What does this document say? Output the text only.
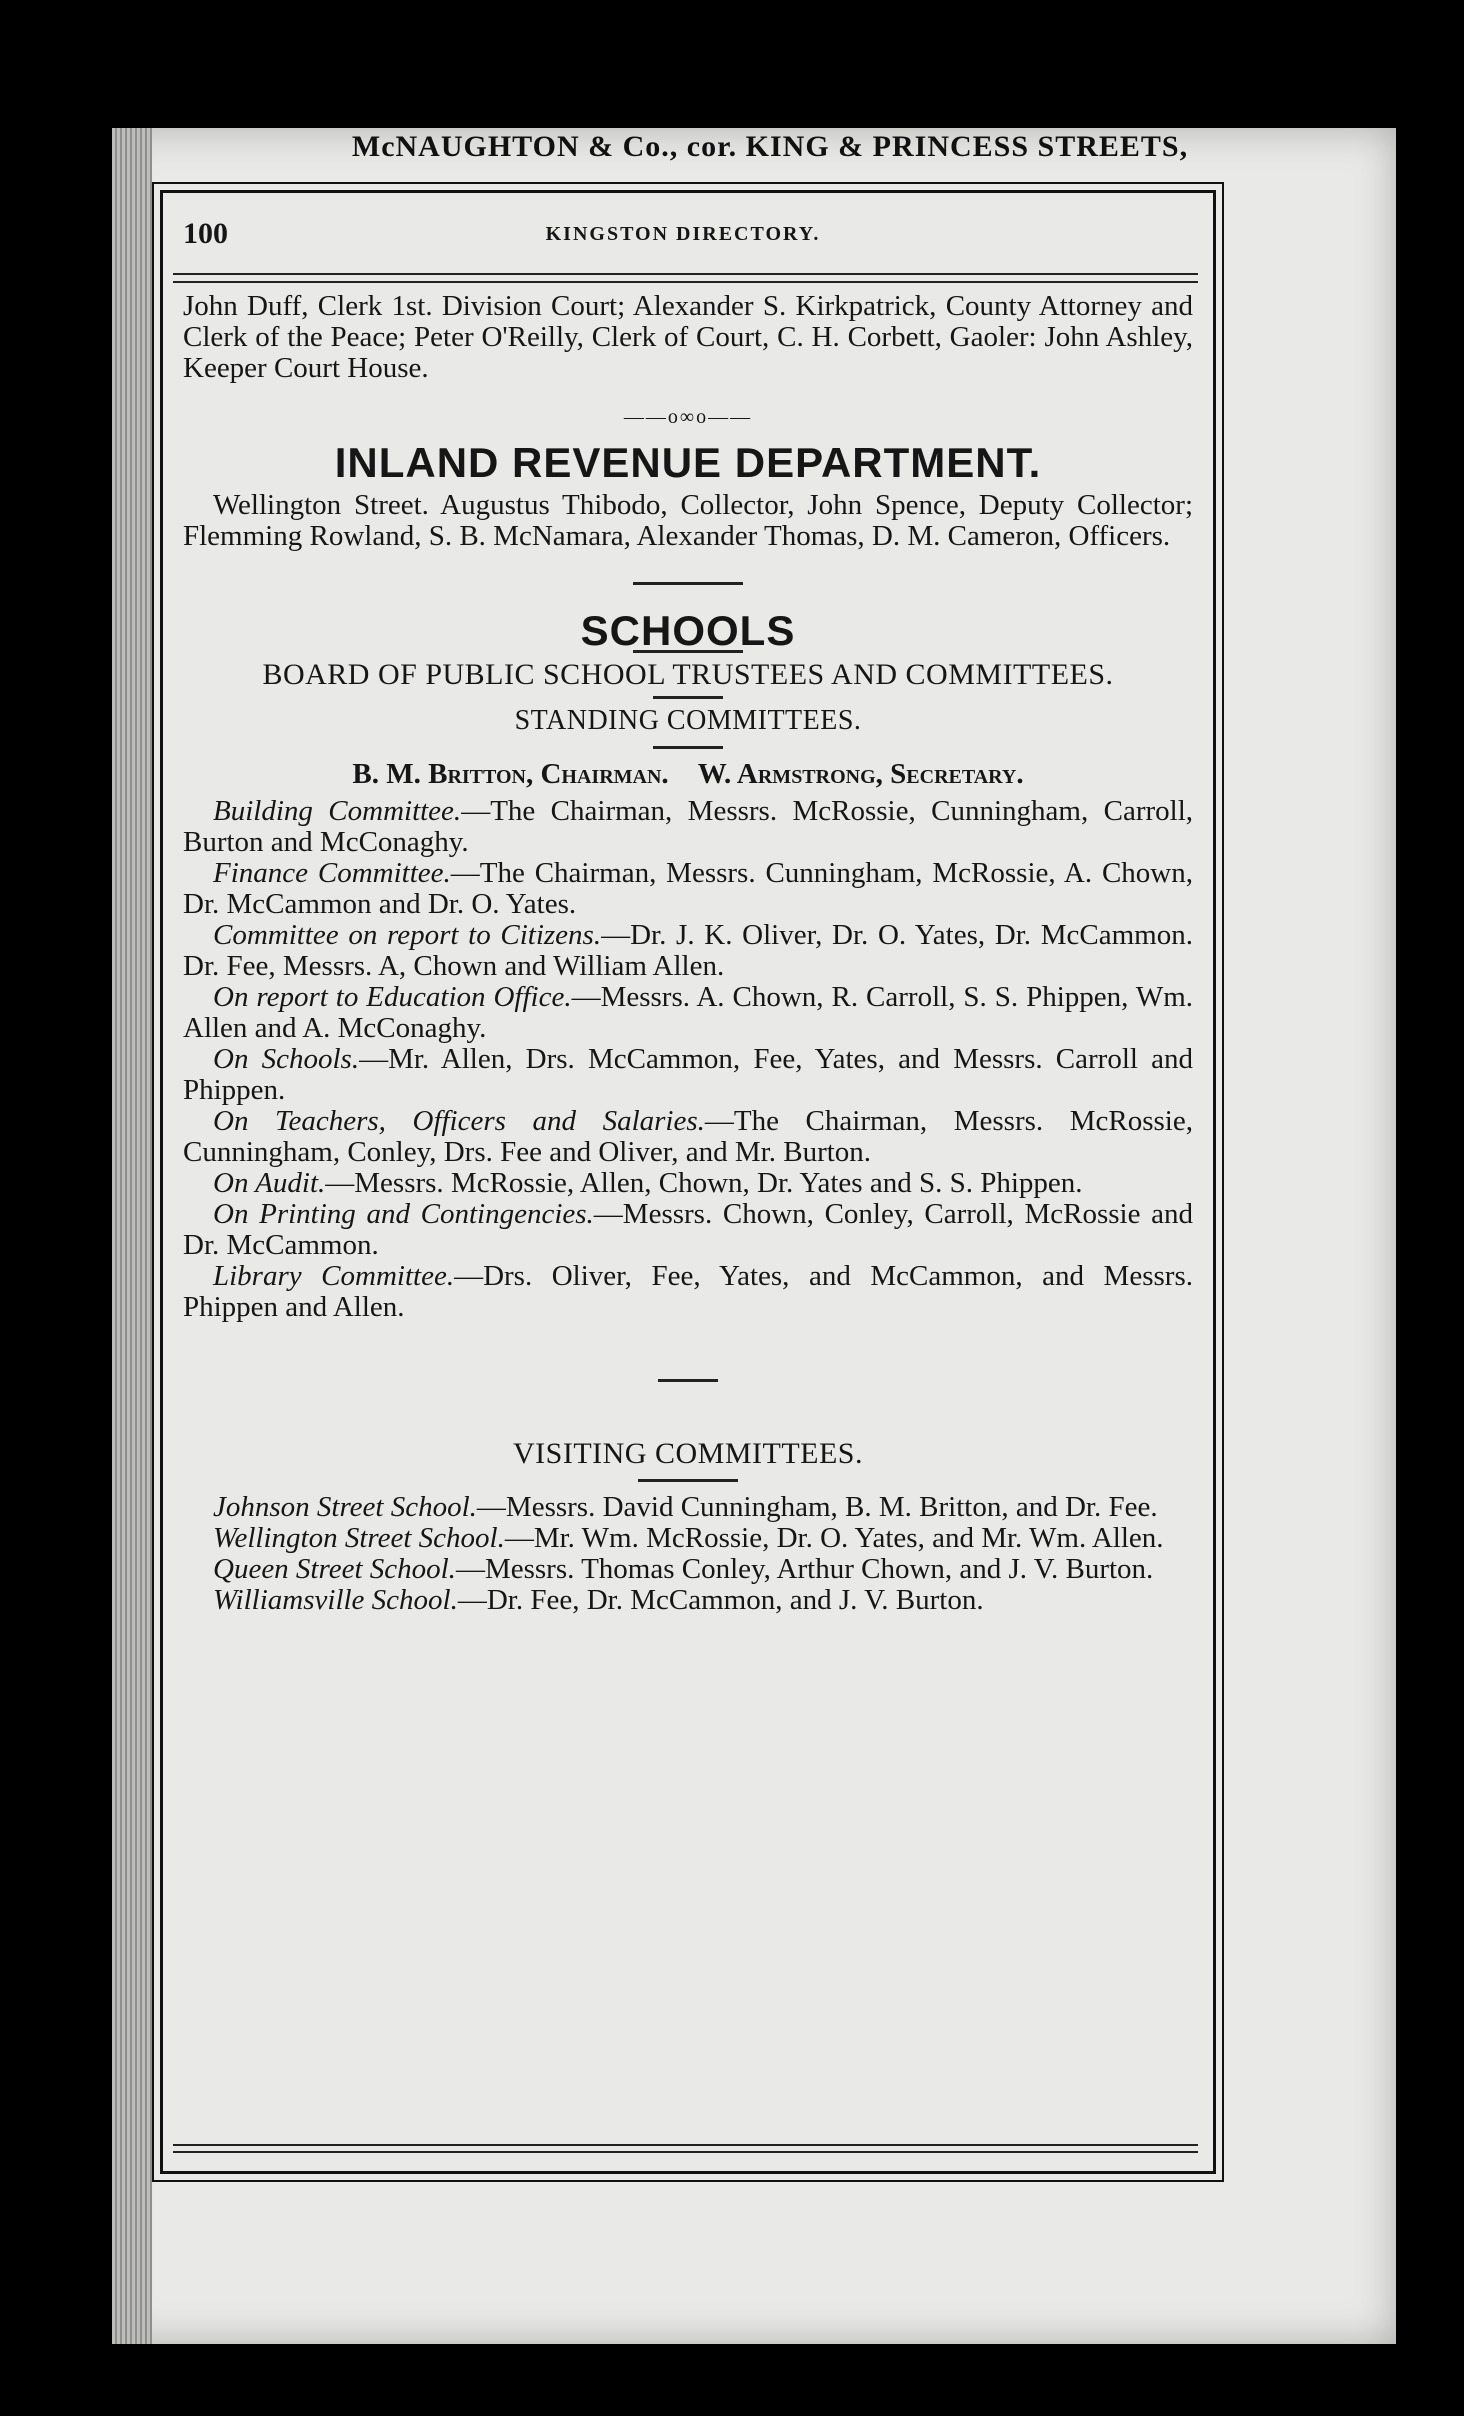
McNAUGHTON & Co., cor. KING & PRINCESS STREETS,
100	KINGSTON DIRECTORY.

John Duff, Clerk 1st. Division Court; Alexander S. Kirkpatrick, County Attorney and Clerk of the Peace; Peter O'Reilly, Clerk of Court, C. H. Corbett, Gaoler: John Ashley, Keeper Court House.

——o∞o——
INLAND REVENUE DEPARTMENT.

Wellington Street. Augustus Thibodo, Collector, John Spence, Deputy Collector; Flemming Rowland, S. B. McNamara, Alexander Thomas, D. M. Cameron, Officers.

SCHOOLS

BOARD OF PUBLIC SCHOOL TRUSTEES AND COMMITTEES.

STANDING COMMITTEES.

B. M. Britton, Chairman. W. Armstrong, Secretary.

Building Committee.—The Chairman, Messrs. McRossie, Cunningham, Carroll, Burton and McConaghy.

Finance Committee.—The Chairman, Messrs. Cunningham, McRossie, A. Chown, Dr. McCammon and Dr. O. Yates.

Committee on report to Citizens.—Dr. J. K. Oliver, Dr. O. Yates, Dr. McCammon. Dr. Fee, Messrs. A, Chown and William Allen.

On report to Education Office.—Messrs. A. Chown, R. Carroll, S. S. Phippen, Wm. Allen and A. McConaghy.

On Schools.—Mr. Allen, Drs. McCammon, Fee, Yates, and Messrs. Carroll and Phippen.

On Teachers, Officers and Salaries.—The Chairman, Messrs. McRossie, Cunningham, Conley, Drs. Fee and Oliver, and Mr. Burton.

On Audit.—Messrs. McRossie, Allen, Chown, Dr. Yates and S. S. Phippen.

On Printing and Contingencies.—Messrs. Chown, Conley, Carroll, McRossie and Dr. McCammon.

Library Committee.—Drs. Oliver, Fee, Yates, and McCammon, and Messrs. Phippen and Allen.

VISITING COMMITTEES.

Johnson Street School.—Messrs. David Cunningham, B. M. Britton, and Dr. Fee.

Wellington Street School.—Mr. Wm. McRossie, Dr. O. Yates, and Mr. Wm. Allen.

Queen Street School.—Messrs. Thomas Conley, Arthur Chown, and J. V. Burton.

Williamsville School.—Dr. Fee, Dr. McCammon, and J. V. Burton.
